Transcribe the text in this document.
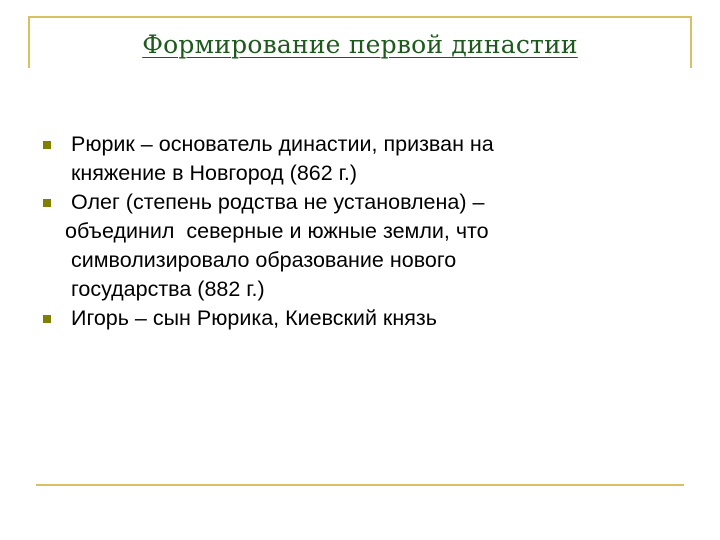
Формирование первой династии
Рюрик – основатель династии, призван на
княжение в Новгород (862 г.)
Олег (степень родства не установлена) –
объединил  северные и южные земли, что
символизировало образование нового
государства (882 г.)
Игорь – сын Рюрика, Киевский князь
